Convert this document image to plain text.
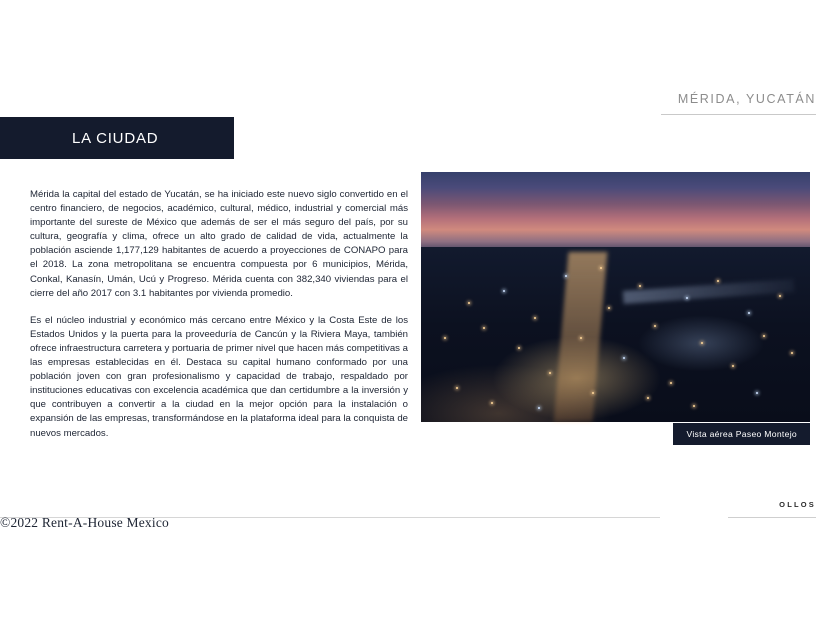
MÉRIDA, YUCATÁN
LA CIUDAD

Mérida la capital del estado de Yucatán, se ha iniciado este nuevo siglo convertido en el centro financiero, de negocios, académico, cultural, médico, industrial y comercial más importante del sureste de México que además de ser el más seguro del país, por su cultura, geografía y clima, ofrece un alto grado de calidad de vida, actualmente la población asciende 1,177,129 habitantes de acuerdo a proyecciones de CONAPO para el 2018. La zona metropolitana se encuentra compuesta por 6 municipios, Mérida, Conkal, Kanasín, Umán, Ucú y Progreso. Mérida cuenta con 382,340 viviendas para el cierre del año 2017 con 3.1 habitantes por vivienda promedio.

Es el núcleo industrial y económico más cercano entre México y la Costa Este de los Estados Unidos y la puerta para la proveeduría de Cancún y la Riviera Maya, también ofrece infraestructura carretera y portuaria de primer nivel que hacen más competitivas a las empresas establecidas en él. Destaca su capital humano conformado por una población joven con gran profesionalismo y capacidad de trabajo, respaldado por instituciones educativas con excelencia académica que dan certidumbre a la inversión y que contribuyen a convertir a la ciudad en la mejor opción para la instalación o expansión de las empresas, transformándose en la plataforma ideal para la conquista de nuevos mercados.	Vista aérea Paseo Montejo
©2022 Rent-A-House Mexico
OLLOS
